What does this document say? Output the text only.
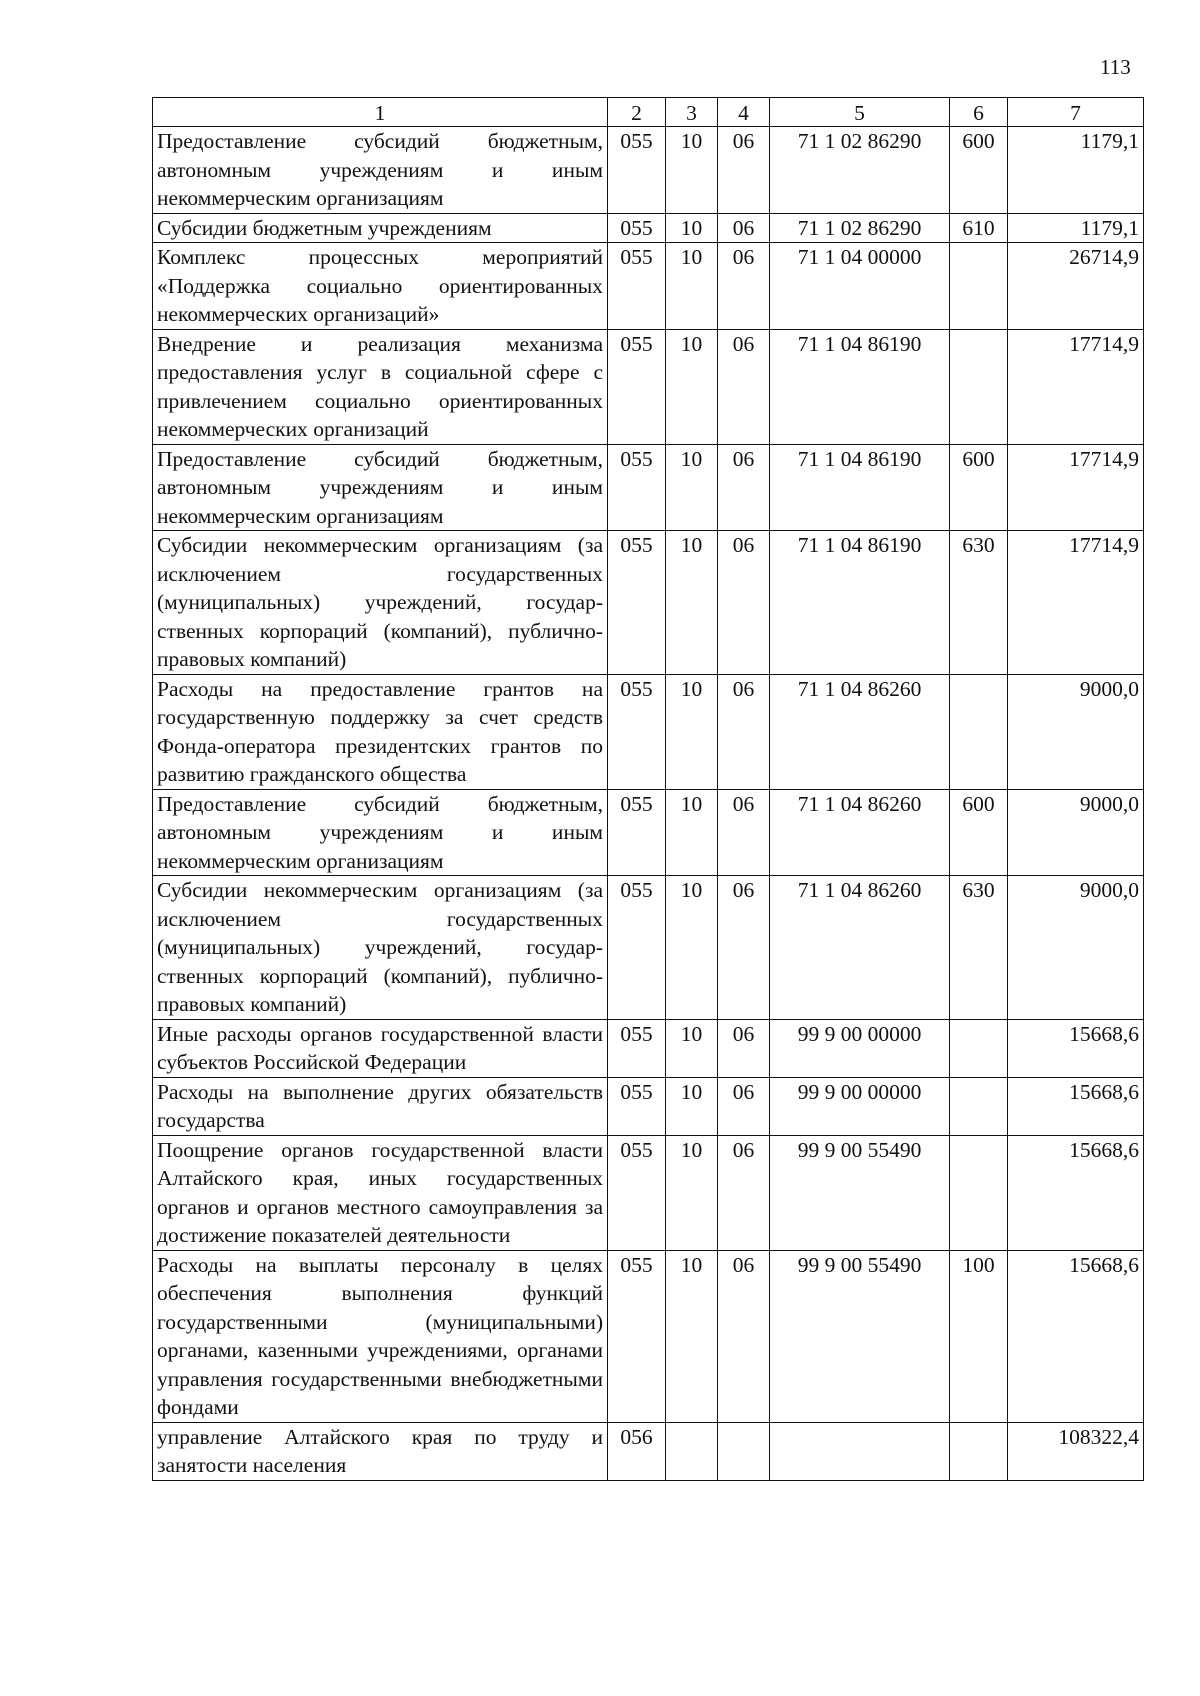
113
1	2	3	4	5	6	7
Предоставление субсидий бюджетным, автономным учреждениям и иным некоммерческим организациям	055	10	06	71 1 02 86290	600	1179,1
Субсидии бюджетным учреждениям	055	10	06	71 1 02 86290	610	1179,1
Комплекс процессных мероприятий «Поддержка социально ориентированных некоммерческих организаций»	055	10	06	71 1 04 00000		26714,9
Внедрение и реализация механизма предоставления услуг в социальной сфере с привлечением социально ориентированных некоммерческих организаций	055	10	06	71 1 04 86190		17714,9
Предоставление субсидий бюджетным, автономным учреждениям и иным некоммерческим организациям	055	10	06	71 1 04 86190	600	17714,9
Субсидии некоммерческим организациям (за исключением государственных (муниципальных) учреждений, государственных корпораций (компаний), публично-правовых компаний)	055	10	06	71 1 04 86190	630	17714,9
Расходы на предоставление грантов на государственную поддержку за счет средств Фонда-оператора президентских грантов по развитию гражданского общества	055	10	06	71 1 04 86260		9000,0
Предоставление субсидий бюджетным, автономным учреждениям и иным некоммерческим организациям	055	10	06	71 1 04 86260	600	9000,0
Субсидии некоммерческим организациям (за исключением государственных (муниципальных) учреждений, государственных корпораций (компаний), публично-правовых компаний)	055	10	06	71 1 04 86260	630	9000,0
Иные расходы органов государственной власти субъектов Российской Федерации	055	10	06	99 9 00 00000		15668,6
Расходы на выполнение других обязательств государства	055	10	06	99 9 00 00000		15668,6
Поощрение органов государственной власти Алтайского края, иных государственных органов и органов местного самоуправления за достижение показателей деятельности	055	10	06	99 9 00 55490		15668,6
Расходы на выплаты персоналу в целях обеспечения выполнения функций государственными (муниципальными) органами, казенными учреждениями, органами управления государственными внебюджетными фондами	055	10	06	99 9 00 55490	100	15668,6
управление Алтайского края по труду и занятости населения	056					108322,4
